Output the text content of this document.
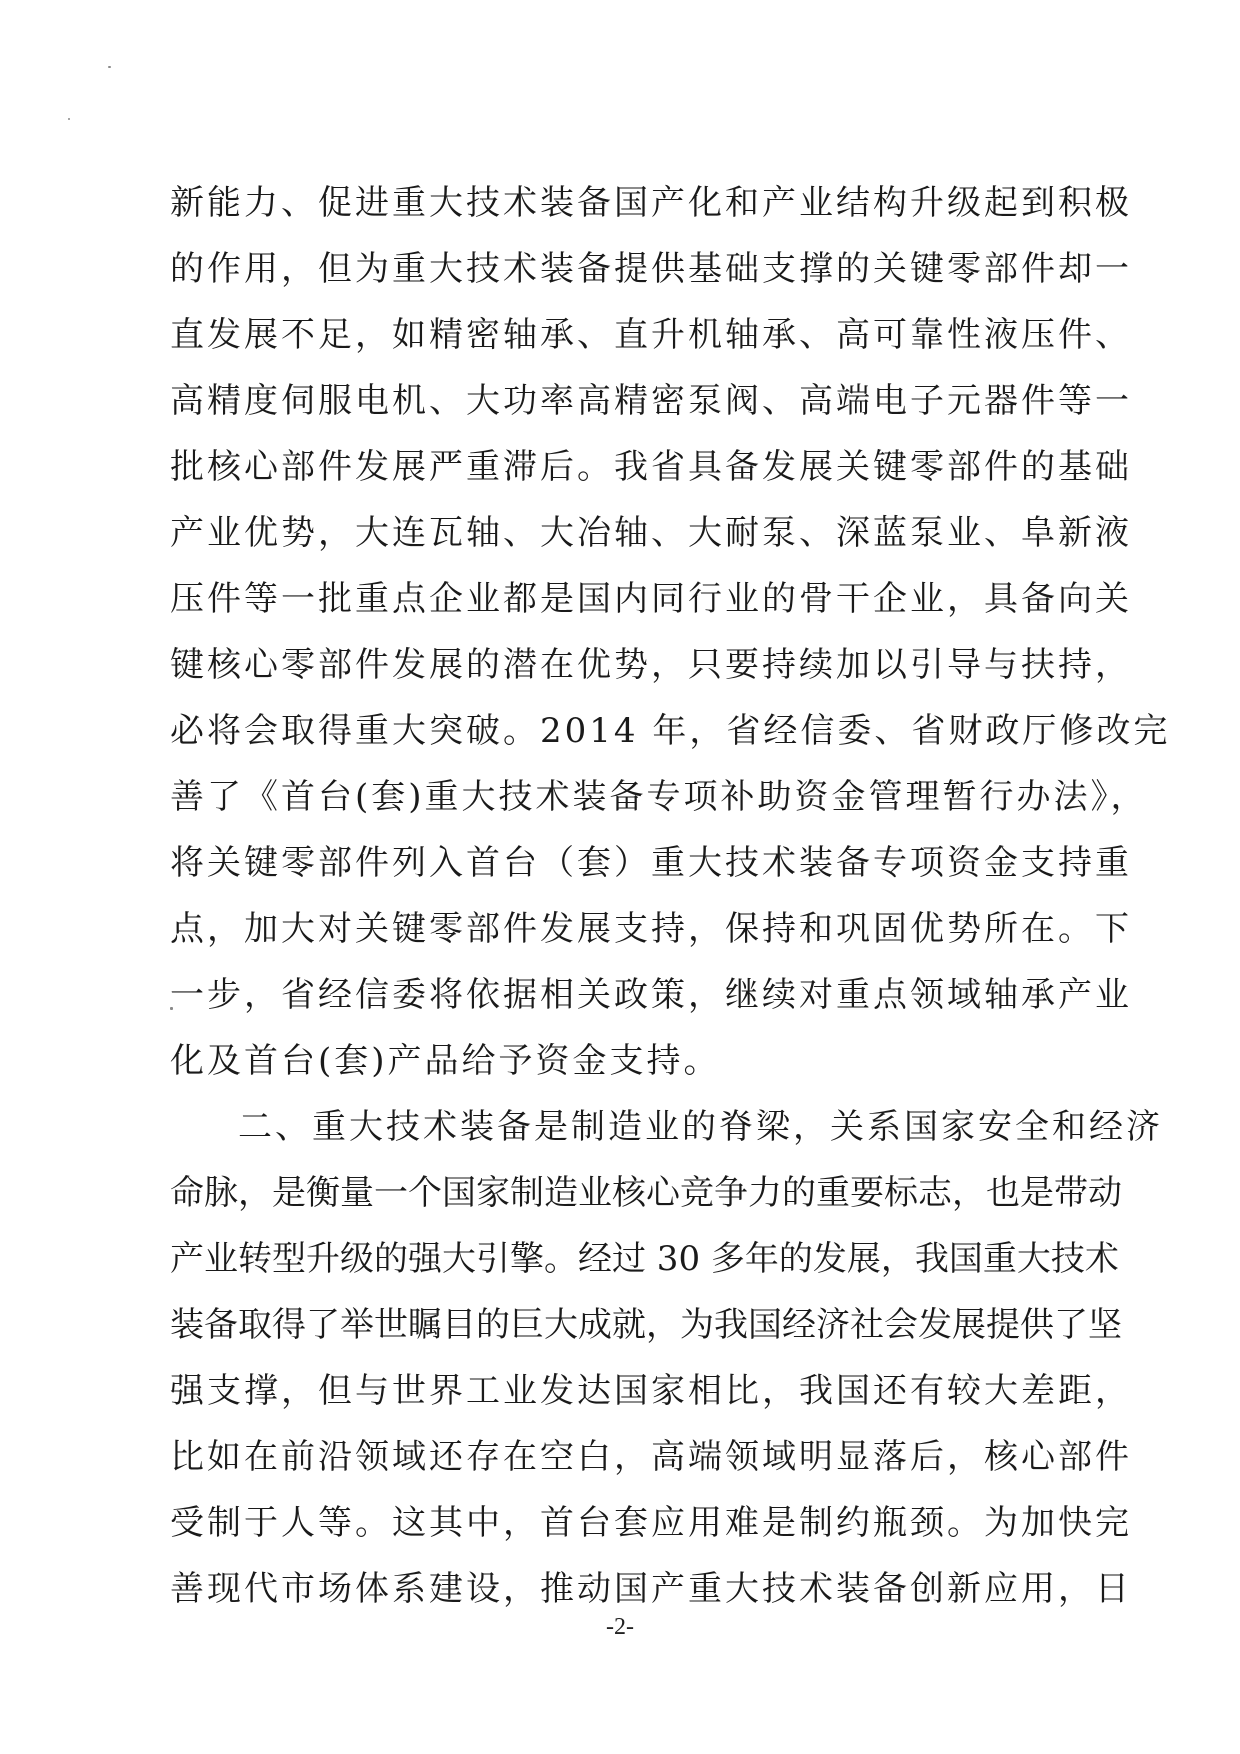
新能力、促进重大技术装备国产化和产业结构升级起到积极
的作用，但为重大技术装备提供基础支撑的关键零部件却一
直发展不足，如精密轴承、直升机轴承、高可靠性液压件、
高精度伺服电机、大功率高精密泵阀、高端电子元器件等一
批核心部件发展严重滞后。我省具备发展关键零部件的基础
产业优势，大连瓦轴、大冶轴、大耐泵、深蓝泵业、阜新液
压件等一批重点企业都是国内同行业的骨干企业，具备向关
键核心零部件发展的潜在优势，只要持续加以引导与扶持，
必将会取得重大突破。2014 年，省经信委、省财政厅修改完
善了《首台(套)重大技术装备专项补助资金管理暂行办法》，
将关键零部件列入首台（套）重大技术装备专项资金支持重
点，加大对关键零部件发展支持，保持和巩固优势所在。下
一步，省经信委将依据相关政策，继续对重点领域轴承产业
化及首台(套)产品给予资金支持。
二、重大技术装备是制造业的脊梁，关系国家安全和经济
命脉，是衡量一个国家制造业核心竞争力的重要标志，也是带动
产业转型升级的强大引擎。经过 30 多年的发展，我国重大技术
装备取得了举世瞩目的巨大成就，为我国经济社会发展提供了坚
强支撑，但与世界工业发达国家相比，我国还有较大差距，
比如在前沿领域还存在空白，高端领域明显落后，核心部件
受制于人等。这其中，首台套应用难是制约瓶颈。为加快完
善现代市场体系建设，推动国产重大技术装备创新应用，日
-2-
